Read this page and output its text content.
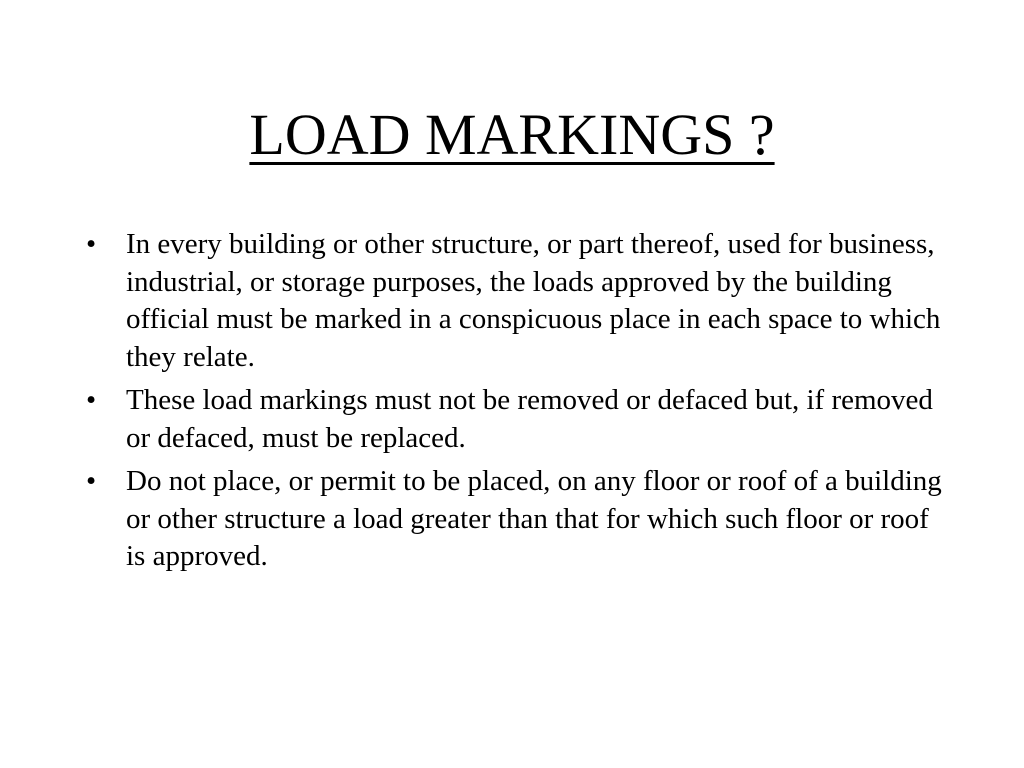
LOAD MARKINGS ?
•	In every building or other structure, or part thereof, used for business, industrial, or storage purposes, the loads approved by the building official must be marked in a conspicuous place in each space to which they relate.
•	These load markings must not be removed or defaced but, if removed or defaced, must be replaced.
•	Do not place, or permit to be placed, on any floor or roof of a building or other structure a load greater than that for which such floor or roof is approved.
